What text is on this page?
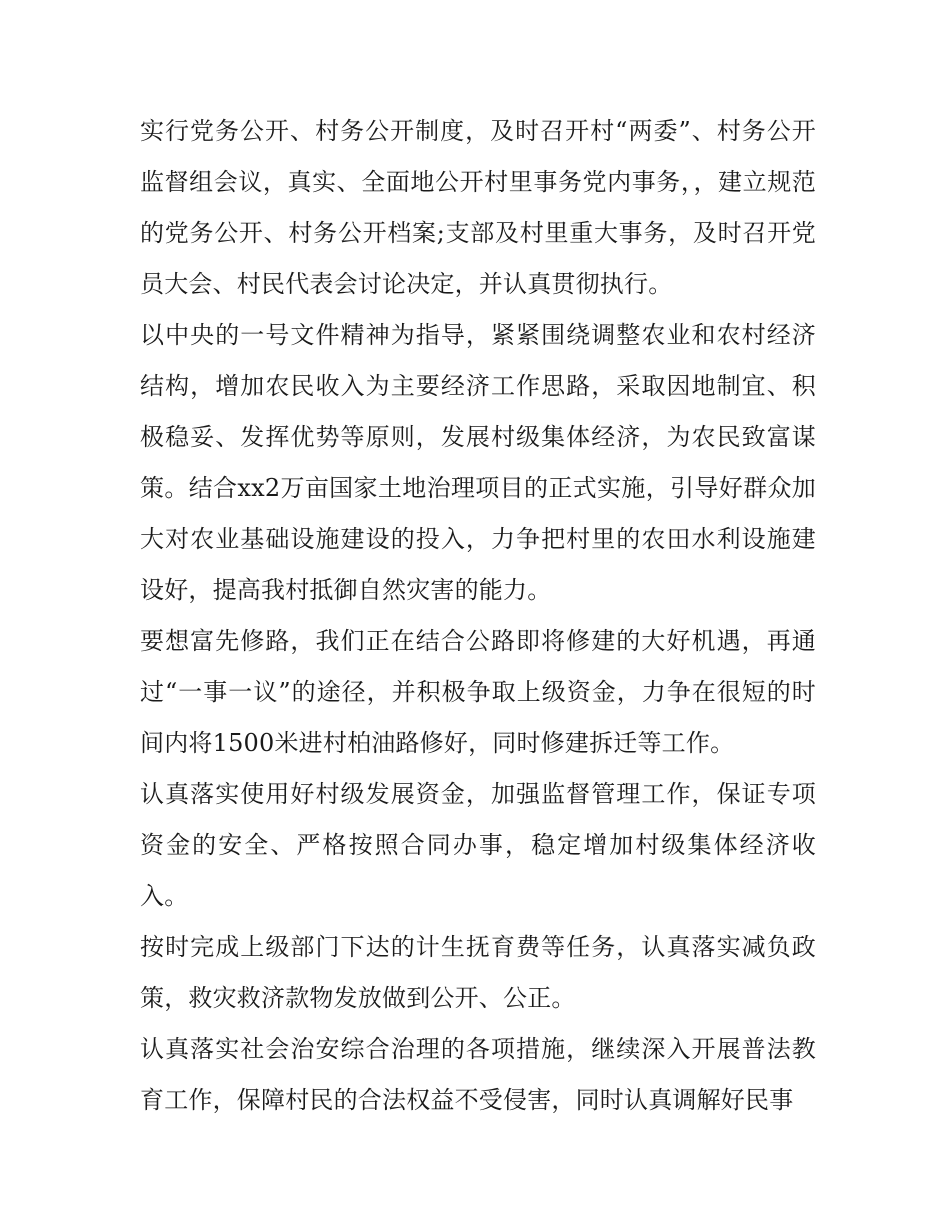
实行党务公开、村务公开制度，及时召开村“两委”、村务公开监督组会议，真实、全面地公开村里事务党内事务，，建立规范的党务公开、村务公开档案;支部及村里重大事务，及时召开党员大会、村民代表会讨论决定，并认真贯彻执行。

以中央的一号文件精神为指导，紧紧围绕调整农业和农村经济结构，增加农民收入为主要经济工作思路，采取因地制宜、积极稳妥、发挥优势等原则，发展村级集体经济，为农民致富谋策。结合xx2万亩国家土地治理项目的正式实施，引导好群众加大对农业基础设施建设的投入，力争把村里的农田水利设施建设好，提高我村抵御自然灾害的能力。

要想富先修路，我们正在结合公路即将修建的大好机遇，再通过“一事一议”的途径，并积极争取上级资金，力争在很短的时间内将1500米进村柏油路修好，同时修建拆迁等工作。

认真落实使用好村级发展资金，加强监督管理工作，保证专项资金的安全、严格按照合同办事，稳定增加村级集体经济收入。

按时完成上级部门下达的计生抚育费等任务，认真落实减负政策，救灾救济款物发放做到公开、公正。

认真落实社会治安综合治理的各项措施，继续深入开展普法教育工作，保障村民的合法权益不受侵害，同时认真调解好民事
